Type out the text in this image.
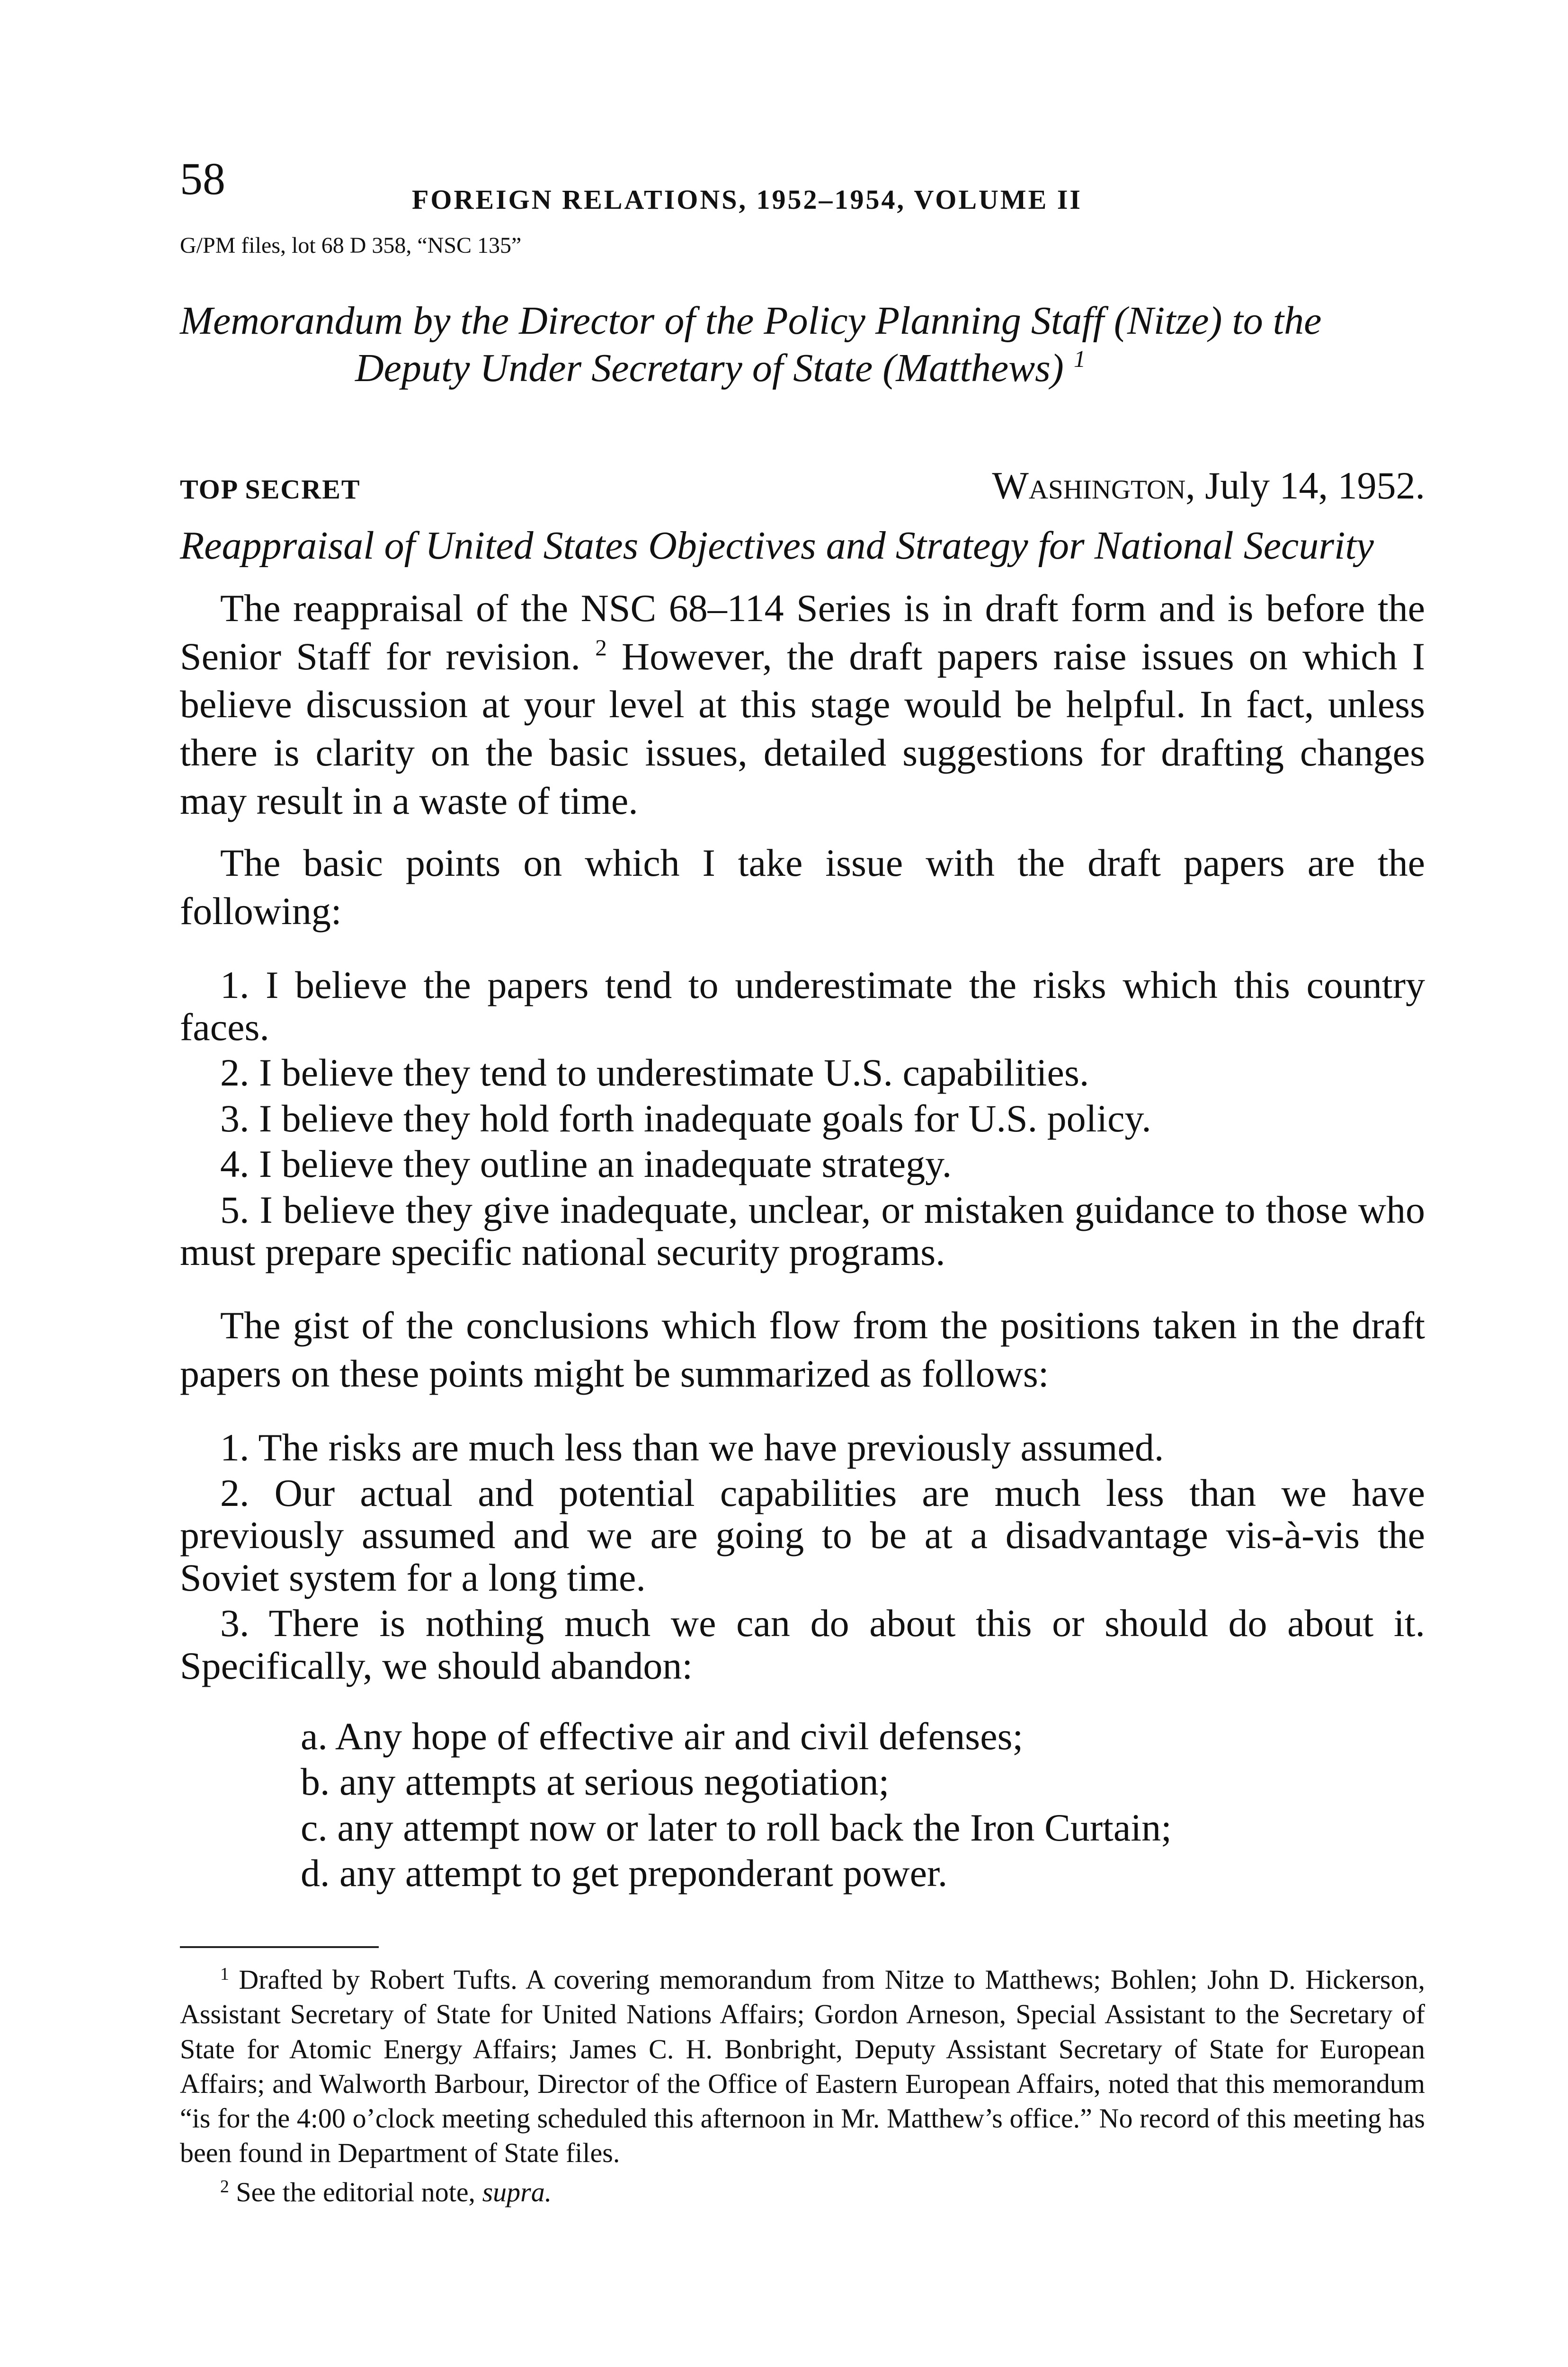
58	FOREIGN RELATIONS, 1952–1954, VOLUME II
G/PM files, lot 68 D 358, “NSC 135”
Memorandum by the Director of the Policy Planning Staff (Nitze) to the Deputy Under Secretary of State (Matthews) $^1$
TOP SECRET	Washington, July 14, 1952.
Reappraisal of United States Objectives and Strategy for National Security

The reappraisal of the NSC 68–114 Series is in draft form and is before the Senior Staff for revision. $^2$ However, the draft papers raise issues on which I believe discussion at your level at this stage would be helpful. In fact, unless there is clarity on the basic issues, detailed suggestions for drafting changes may result in a waste of time.

The basic points on which I take issue with the draft papers are the following:

1. I believe the papers tend to underestimate the risks which this country faces.

2. I believe they tend to underestimate U.S. capabilities.

3. I believe they hold forth inadequate goals for U.S. policy.

4. I believe they outline an inadequate strategy.

5. I believe they give inadequate, unclear, or mistaken guidance to those who must prepare specific national security programs.

The gist of the conclusions which flow from the positions taken in the draft papers on these points might be summarized as follows:

1. The risks are much less than we have previously assumed.

2. Our actual and potential capabilities are much less than we have previously assumed and we are going to be at a disadvantage vis-à-vis the Soviet system for a long time.

3. There is nothing much we can do about this or should do about it. Specifically, we should abandon:

a. Any hope of effective air and civil defenses;

b. any attempts at serious negotiation;

c. any attempt now or later to roll back the Iron Curtain;

d. any attempt to get preponderant power.

$^1$ Drafted by Robert Tufts. A covering memorandum from Nitze to Matthews; Bohlen; John D. Hickerson, Assistant Secretary of State for United Nations Affairs; Gordon Arneson, Special Assistant to the Secretary of State for Atomic Energy Affairs; James C. H. Bonbright, Deputy Assistant Secretary of State for European Affairs; and Walworth Barbour, Director of the Office of Eastern European Affairs, noted that this memorandum “is for the 4:00 o’clock meeting scheduled this afternoon in Mr. Matthew’s office.” No record of this meeting has been found in Department of State files.

$^2$ See the editorial note, supra.
